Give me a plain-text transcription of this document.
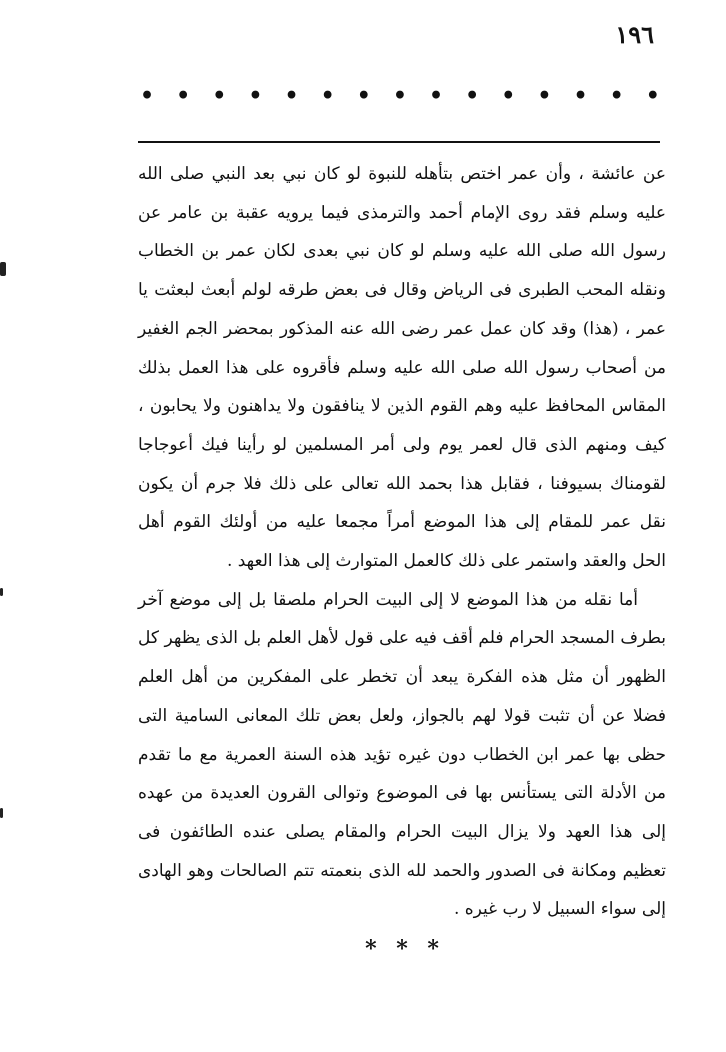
١٩٦
• • • • • • • • • • • • • • •

عن عائشة ، وأن عمر اختص بتأهله للنبوة لو كان نبي بعد النبي صلى الله عليه وسلم فقد روى الإمام أحمد والترمذى فيما يرويه عقبة بن عامر عن رسول الله صلى الله عليه وسلم لو كان نبي بعدى لكان عمر بن الخطاب ونقله المحب الطبرى فى الرياض وقال فى بعض طرقه لولم أبعث لبعثت يا عمر ، (هذا) وقد كان عمل عمر رضى الله عنه المذكور بمحضر الجم الغفير من أصحاب رسول الله صلى الله عليه وسلم فأقروه على هذا العمل بذلك المقاس المحافظ عليه وهم القوم الذين لا ينافقون ولا يداهنون ولا يحابون ، كيف ومنهم الذى قال لعمر يوم ولى أمر المسلمين لو رأينا فيك أعوجاجا لقومناك بسيوفنا ، فقابل هذا بحمد الله تعالى على ذلك فلا جرم أن يكون نقل عمر للمقام إلى هذا الموضع أمراً مجمعا عليه من أولئك القوم أهل الحل والعقد واستمر على ذلك كالعمل المتوارث إلى هذا العهد .

أما نقله من هذا الموضع لا إلى البيت الحرام ملصقا بل إلى موضع آخر بطرف المسجد الحرام فلم أقف فيه على قول لأهل العلم بل الذى يظهر كل الظهور أن مثل هذه الفكرة يبعد أن تخطر على المفكرين من أهل العلم فضلا عن أن تثبت قولا لهم بالجواز، ولعل بعض تلك المعانى السامية التى حظى بها عمر ابن الخطاب دون غيره تؤيد هذه السنة العمرية مع ما تقدم من الأدلة التى يستأنس بها فى الموضوع وتوالى القرون العديدة من عهده إلى هذا العهد ولا يزال البيت الحرام والمقام يصلى عنده الطائفون فى تعظيم ومكانة فى الصدور والحمد لله الذى بنعمته تتم الصالحات وهو الهادى إلى سواء السبيل لا رب غيره .

* * *
